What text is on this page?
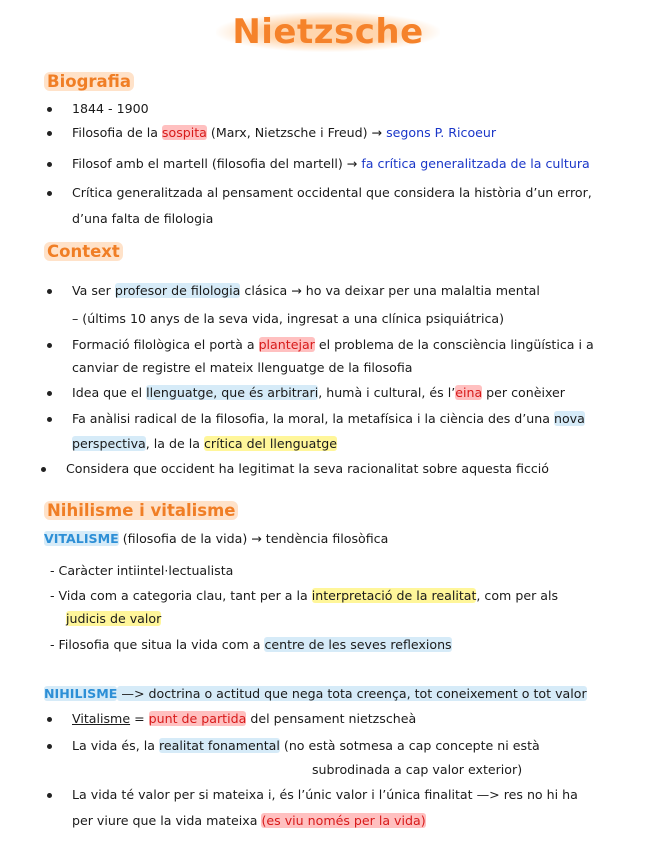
Nietzsche
Biografia
1844 - 1900
Filosofia de la sospita (Marx, Nietzsche i Freud) → segons P. Ricoeur
Filosof amb el martell (filosofia del martell) → fa crítica generalitzada de la cultura
Crítica generalitzada al pensament occidental que considera la història d’un error,
d’una falta de filologia
Context
Va ser profesor de filologia clásica → ho va deixar per una malaltia mental
– (últims 10 anys de la seva vida, ingresat a una clínica psiquiátrica)
Formació filològica el portà a plantejar el problema de la consciència lingüística i a
canviar de registre el mateix llenguatge de la filosofia
Idea que el llenguatge, que és arbitrari, humà i cultural, és l’eina per conèixer
Fa anàlisi radical de la filosofia, la moral, la metafísica i la ciència des d’una nova
perspectiva, la de la crítica del llenguatge
Considera que occident ha legitimat la seva racionalitat sobre aquesta ficció
Nihilisme i vitalisme
VITALISME (filosofia de la vida) → tendència filosòfica
- Caràcter intiintel·lectualista
- Vida com a categoria clau, tant per a la interpretació de la realitat, com per als
judicis de valor
- Filosofia que situa la vida com a centre de les seves reflexions
NIHILISME —> doctrina o actitud que nega tota creença, tot coneixement o tot valor
Vitalisme = punt de partida del pensament nietzscheà
La vida és, la realitat fonamental (no està sotmesa a cap concepte ni està
subrodinada a cap valor exterior)
La vida té valor per si mateixa i, és l’únic valor i l’única finalitat —> res no hi ha
per viure que la vida mateixa (es viu només per la vida)
